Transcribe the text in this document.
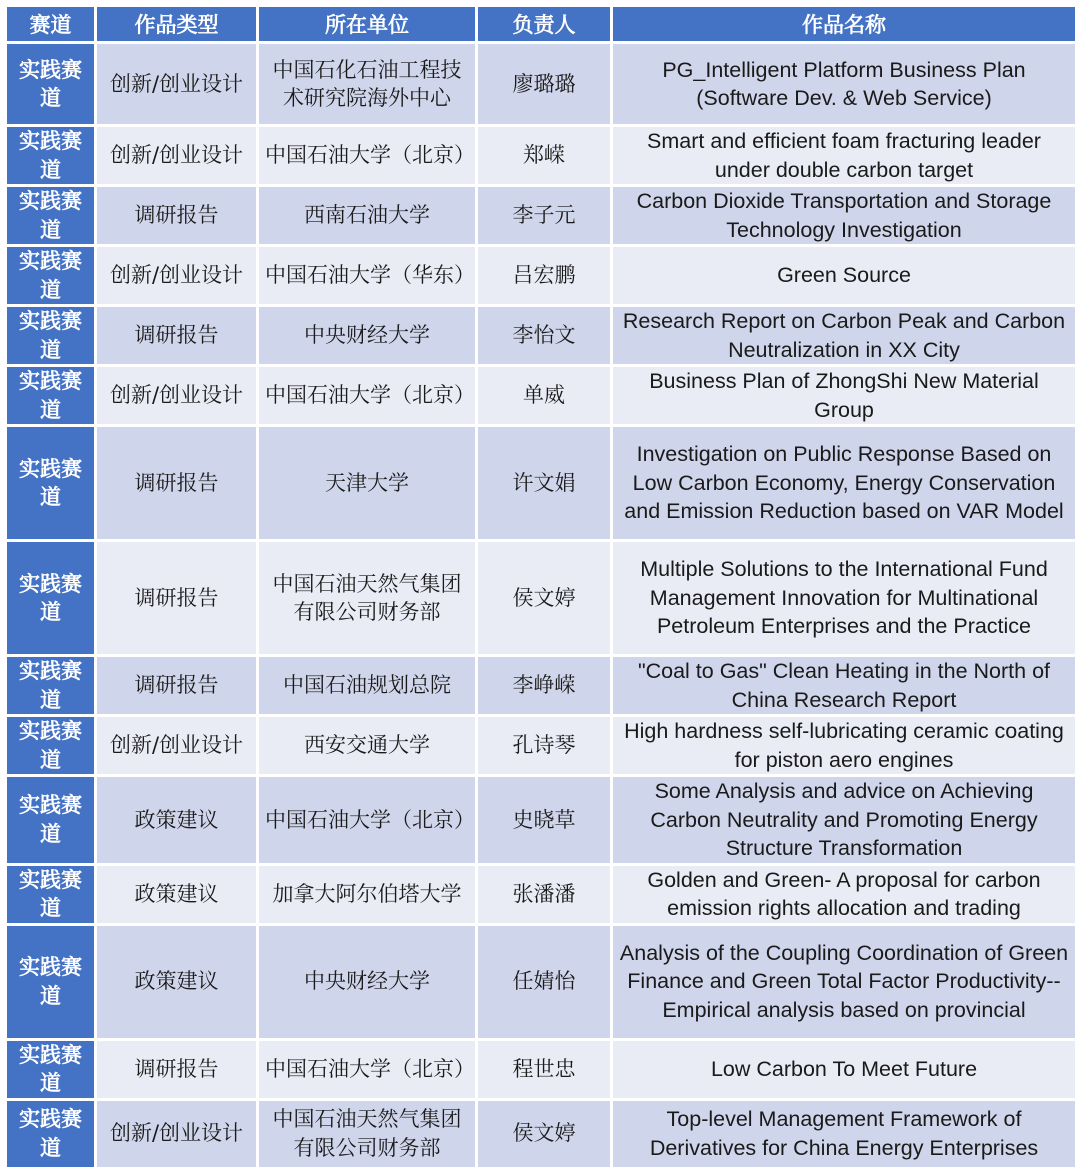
赛道	作品类型	所在单位	负责人	作品名称
实践赛道	创新/创业设计	中国石化石油工程技术研究院海外中心	廖璐璐	PG_Intelligent Platform Business Plan (Software Dev. & Web Service)
实践赛道	创新/创业设计	中国石油大学（北京）	郑嵘	Smart and efficient foam fracturing leader under double carbon target
实践赛道	调研报告	西南石油大学	李子元	Carbon Dioxide Transportation and Storage Technology Investigation
实践赛道	创新/创业设计	中国石油大学（华东）	吕宏鹏	Green Source
实践赛道	调研报告	中央财经大学	李怡文	Research Report on Carbon Peak and Carbon Neutralization in XX City
实践赛道	创新/创业设计	中国石油大学（北京）	单威	Business Plan of ZhongShi New Material Group
实践赛道	调研报告	天津大学	许文娟	Investigation on Public Response Based on Low Carbon Economy, Energy Conservation and Emission Reduction based on VAR Model
实践赛道	调研报告	中国石油天然气集团有限公司财务部	侯文婷	Multiple Solutions to the International Fund Management Innovation for Multinational Petroleum Enterprises and the Practice
实践赛道	调研报告	中国石油规划总院	李峥嵘	"Coal to Gas" Clean Heating in the North of China Research Report
实践赛道	创新/创业设计	西安交通大学	孔诗琴	High hardness self-lubricating ceramic coating for piston aero engines
实践赛道	政策建议	中国石油大学（北京）	史晓草	Some Analysis and advice on Achieving Carbon Neutrality and Promoting Energy Structure Transformation
实践赛道	政策建议	加拿大阿尔伯塔大学	张潘潘	Golden and Green- A proposal for carbon emission rights allocation and trading
实践赛道	政策建议	中央财经大学	任婧怡	Analysis of the Coupling Coordination of Green Finance and Green Total Factor Productivity--Empirical analysis based on provincial
实践赛道	调研报告	中国石油大学（北京）	程世忠	Low Carbon To Meet Future
实践赛道	创新/创业设计	中国石油天然气集团有限公司财务部	侯文婷	Top-level Management Framework of Derivatives for China Energy Enterprises
